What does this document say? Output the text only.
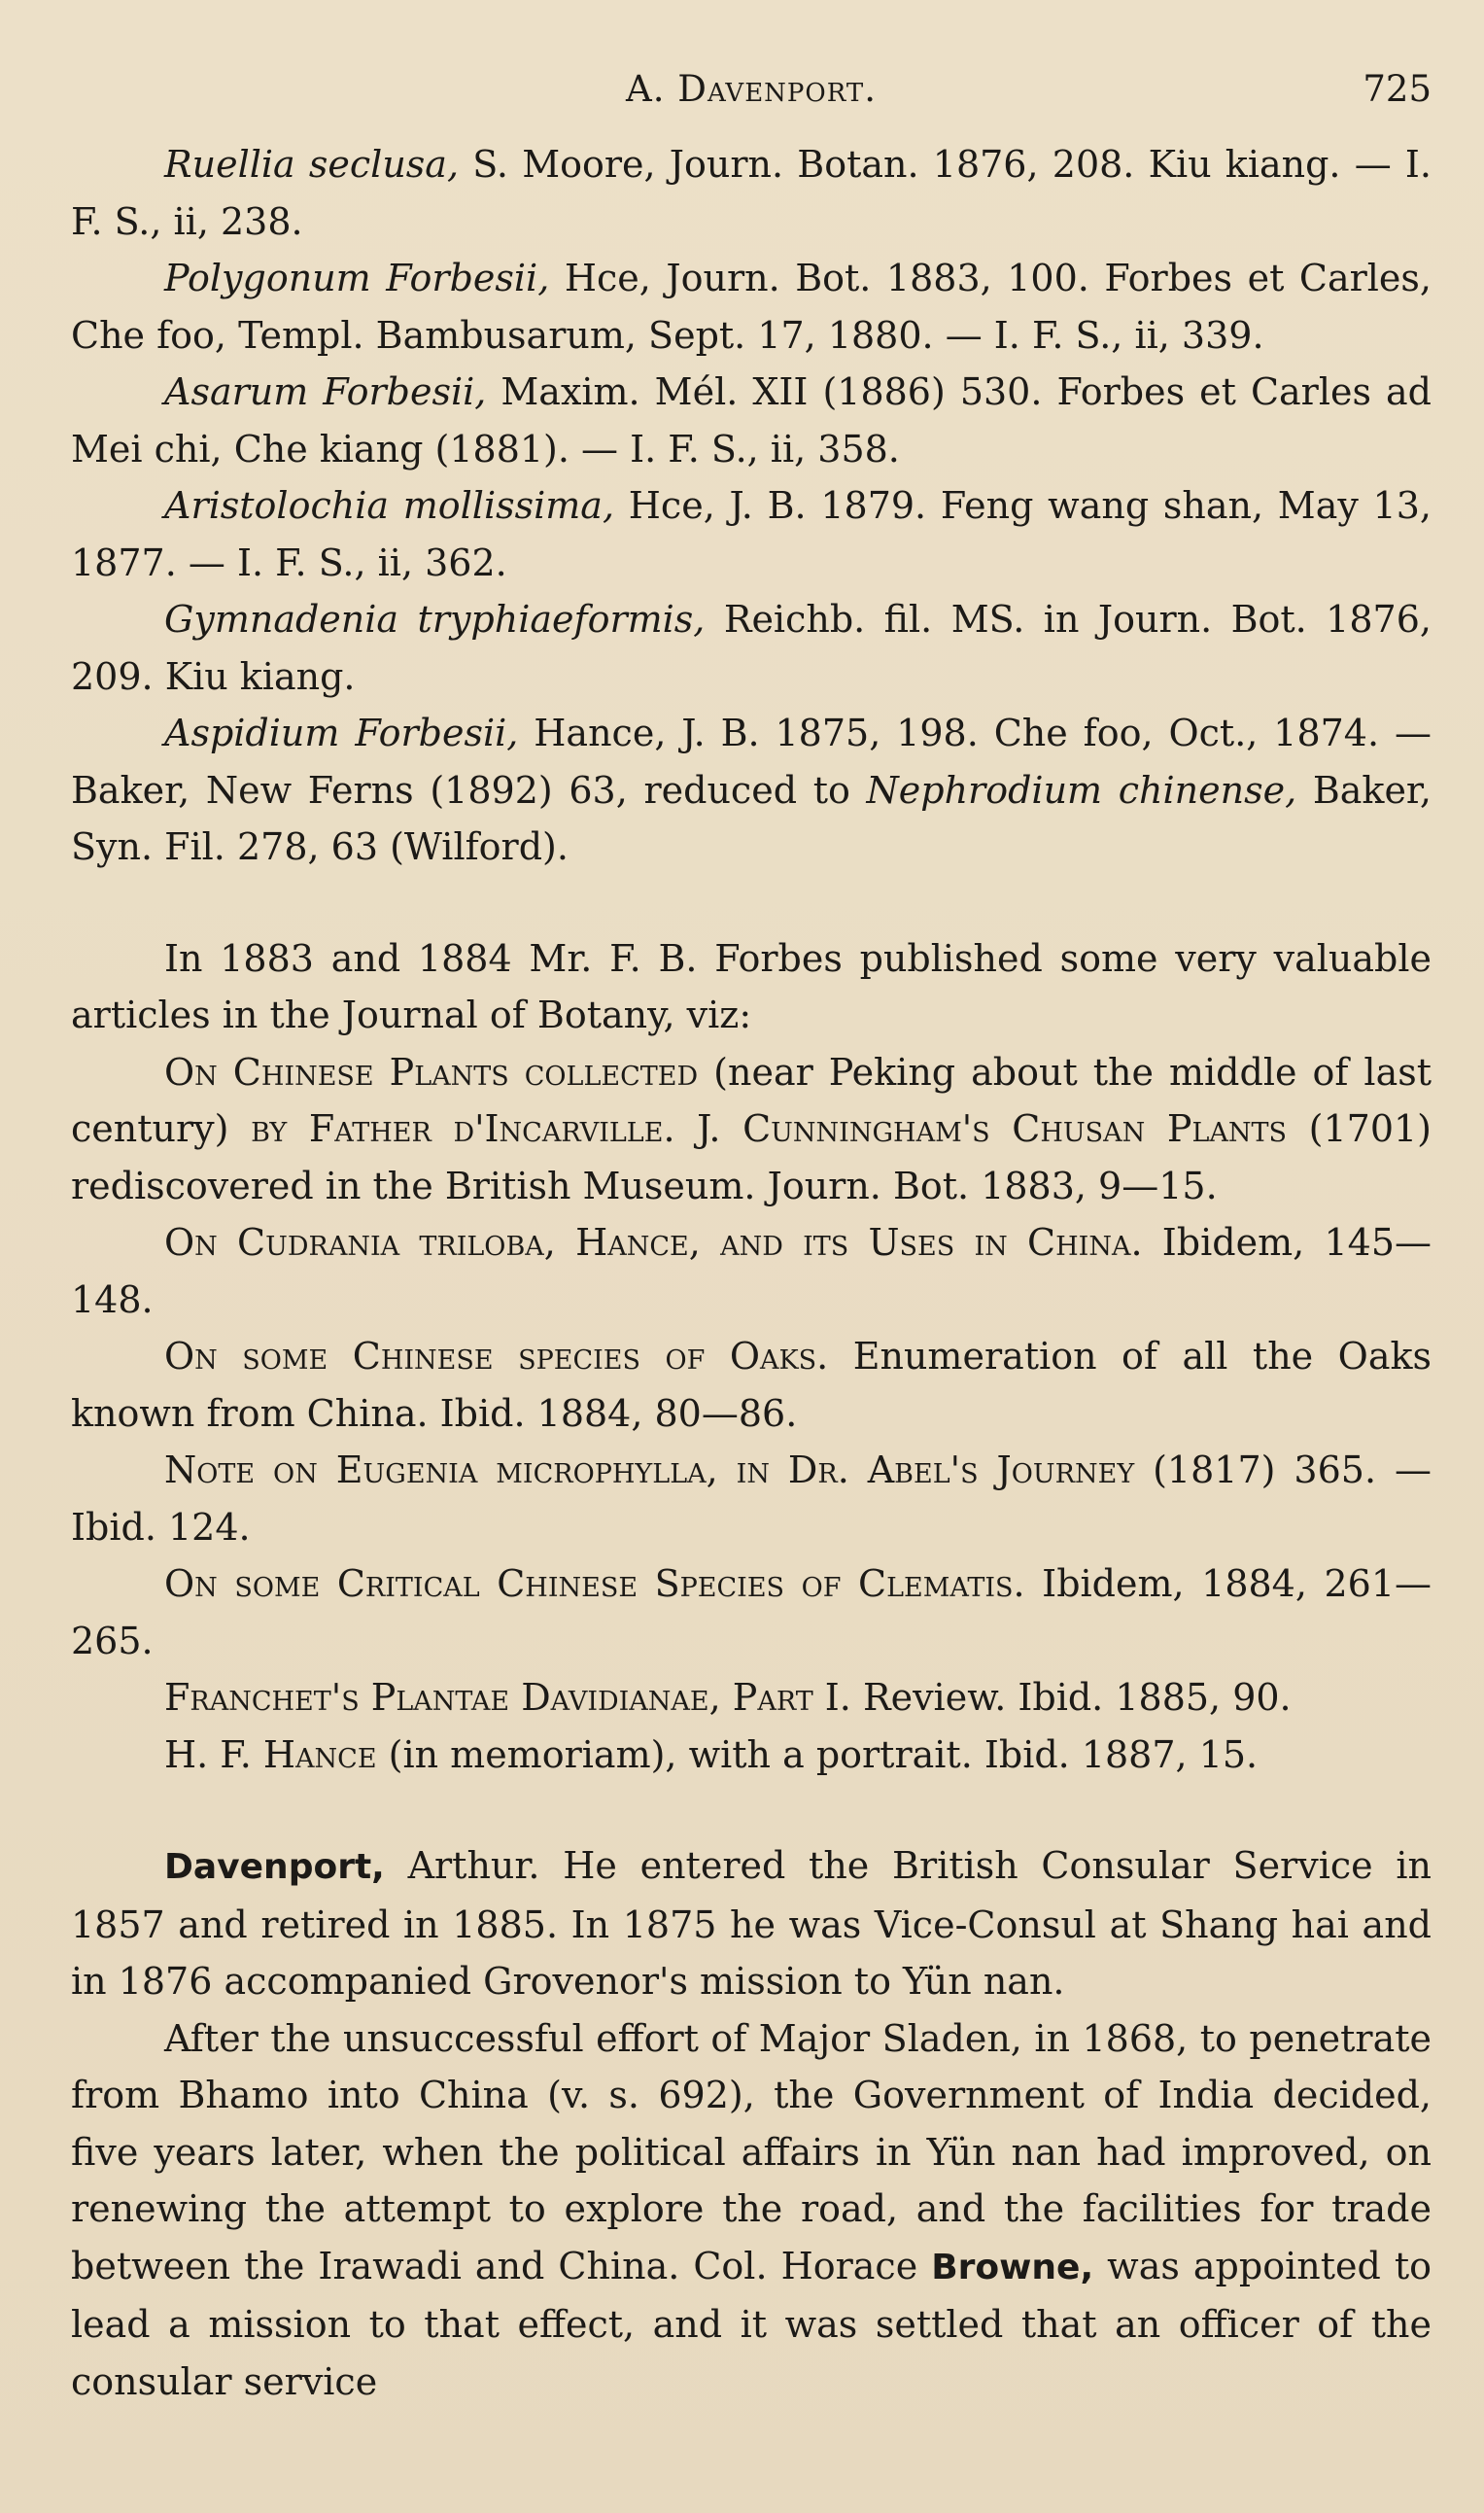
A. Davenport.	725

Ruellia seclusa, S. Moore, Journ. Botan. 1876, 208. Kiu kiang. — I. F. S., ii, 238.

Polygonum Forbesii, Hce, Journ. Bot. 1883, 100. Forbes et Carles, Che foo, Templ. Bambusarum, Sept. 17, 1880. — I. F. S., ii, 339.

Asarum Forbesii, Maxim. Mél. XII (1886) 530. Forbes et Carles ad Mei chi, Che kiang (1881). — I. F. S., ii, 358.

Aristolochia mollissima, Hce, J. B. 1879. Feng wang shan, May 13, 1877. — I. F. S., ii, 362.

Gymnadenia tryphiaeformis, Reichb. fil. MS. in Journ. Bot. 1876, 209. Kiu kiang.

Aspidium Forbesii, Hance, J. B. 1875, 198. Che foo, Oct., 1874. — Baker, New Ferns (1892) 63, reduced to Nephrodium chinense, Baker, Syn. Fil. 278, 63 (Wilford).

In 1883 and 1884 Mr. F. B. Forbes published some very valuable articles in the Journal of Botany, viz:

On Chinese Plants collected (near Peking about the middle of last century) by Father d'Incarville. J. Cunningham's Chusan Plants (1701) rediscovered in the British Museum. Journ. Bot. 1883, 9—15.

On Cudrania triloba, Hance, and its Uses in China. Ibidem, 145—148.

On some Chinese species of Oaks. Enumeration of all the Oaks known from China. Ibid. 1884, 80—86.

Note on Eugenia microphylla, in Dr. Abel's Journey (1817) 365. — Ibid. 124.

On some Critical Chinese Species of Clematis. Ibidem, 1884, 261—265.

Franchet's Plantae Davidianae, Part I. Review. Ibid. 1885, 90.

H. F. Hance (in memoriam), with a portrait. Ibid. 1887, 15.

Davenport, Arthur. He entered the British Consular Service in 1857 and retired in 1885. In 1875 he was Vice-Consul at Shang hai and in 1876 accompanied Grovenor's mission to Yün nan.

After the unsuccessful effort of Major Sladen, in 1868, to penetrate from Bhamo into China (v. s. 692), the Government of India decided, five years later, when the political affairs in Yün nan had improved, on renewing the attempt to explore the road, and the facilities for trade between the Irawadi and China. Col. Horace Browne, was appointed to lead a mission to that effect, and it was settled that an officer of the consular service
